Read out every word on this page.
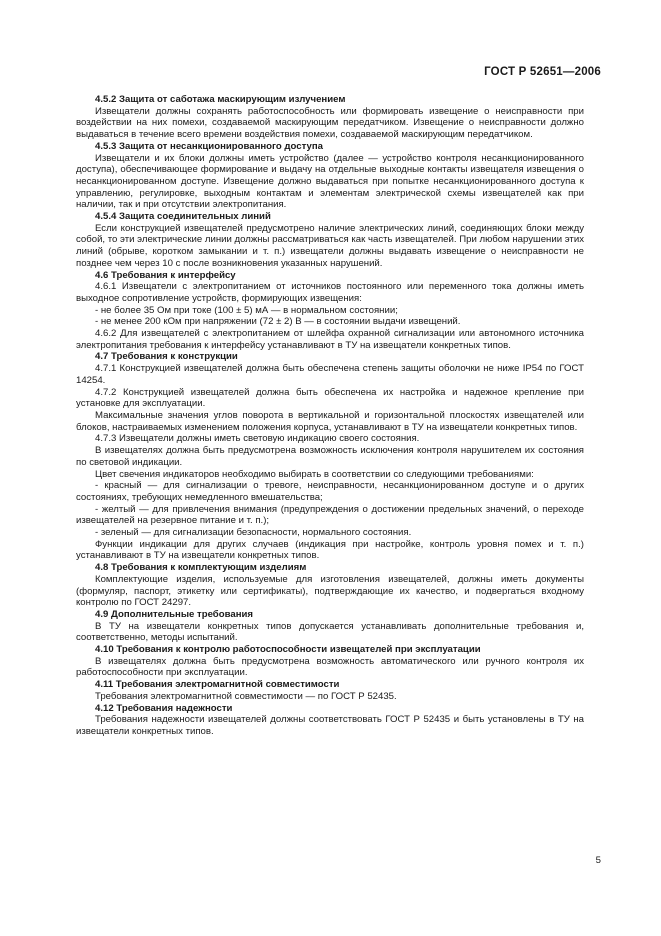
ГОСТ Р 52651—2006

4.5.2 Защита от саботажа маскирующим излучением

Извещатели должны сохранять работоспособность или формировать извещение о неисправности при воздействии на них помехи, создаваемой маскирующим передатчиком. Извещение о неисправности должно выдаваться в течение всего времени воздействия помехи, создаваемой маскирующим передатчиком.

4.5.3 Защита от несанкционированного доступа

Извещатели и их блоки должны иметь устройство (далее — устройство контроля несанкционированного доступа), обеспечивающее формирование и выдачу на отдельные выходные контакты извещателя извещения о несанкционированном доступе. Извещение должно выдаваться при попытке несанкционированного доступа к управлению, регулировке, выходным контактам и элементам электрической схемы извещателей как при наличии, так и при отсутствии электропитания.

4.5.4 Защита соединительных линий

Если конструкцией извещателей предусмотрено наличие электрических линий, соединяющих блоки между собой, то эти электрические линии должны рассматриваться как часть извещателей. При любом нарушении этих линий (обрыве, коротком замыкании и т. п.) извещатели должны выдавать извещение о неисправности не позднее чем через 10 с после возникновения указанных нарушений.

4.6 Требования к интерфейсу

4.6.1 Извещатели с электропитанием от источников постоянного или переменного тока должны иметь выходное сопротивление устройств, формирующих извещения:

- не более 35 Ом при токе (100 ± 5) мА — в нормальном состоянии;

- не менее 200 кОм при напряжении (72 ± 2) В — в состоянии выдачи извещений.

4.6.2 Для извещателей с электропитанием от шлейфа охранной сигнализации или автономного источника электропитания требования к интерфейсу устанавливают в ТУ на извещатели конкретных типов.

4.7 Требования к конструкции

4.7.1 Конструкцией извещателей должна быть обеспечена степень защиты оболочки не ниже IP54 по ГОСТ 14254.

4.7.2 Конструкцией извещателей должна быть обеспечена их настройка и надежное крепление при установке для эксплуатации.

Максимальные значения углов поворота в вертикальной и горизонтальной плоскостях извещателей или блоков, настраиваемых изменением положения корпуса, устанавливают в ТУ на извещатели конкретных типов.

4.7.3 Извещатели должны иметь световую индикацию своего состояния.

В извещателях должна быть предусмотрена возможность исключения контроля нарушителем их состояния по световой индикации.

Цвет свечения индикаторов необходимо выбирать в соответствии со следующими требованиями:

- красный — для сигнализации о тревоге, неисправности, несанкционированном доступе и о других состояниях, требующих немедленного вмешательства;

- желтый — для привлечения внимания (предупреждения о достижении предельных значений, о переходе извещателей на резервное питание и т. п.);

- зеленый — для сигнализации безопасности, нормального состояния.

Функции индикации для других случаев (индикация при настройке, контроль уровня помех и т. п.) устанавливают в ТУ на извещатели конкретных типов.

4.8 Требования к комплектующим изделиям

Комплектующие изделия, используемые для изготовления извещателей, должны иметь документы (формуляр, паспорт, этикетку или сертификаты), подтверждающие их качество, и подвергаться входному контролю по ГОСТ 24297.

4.9 Дополнительные требования

В ТУ на извещатели конкретных типов допускается устанавливать дополнительные требования и, соответственно, методы испытаний.

4.10 Требования к контролю работоспособности извещателей при эксплуатации

В извещателях должна быть предусмотрена возможность автоматического или ручного контроля их работоспособности при эксплуатации.

4.11 Требования электромагнитной совместимости

Требования электромагнитной совместимости — по ГОСТ Р 52435.

4.12 Требования надежности

Требования надежности извещателей должны соответствовать ГОСТ Р 52435 и быть установлены в ТУ на извещатели конкретных типов.

5
